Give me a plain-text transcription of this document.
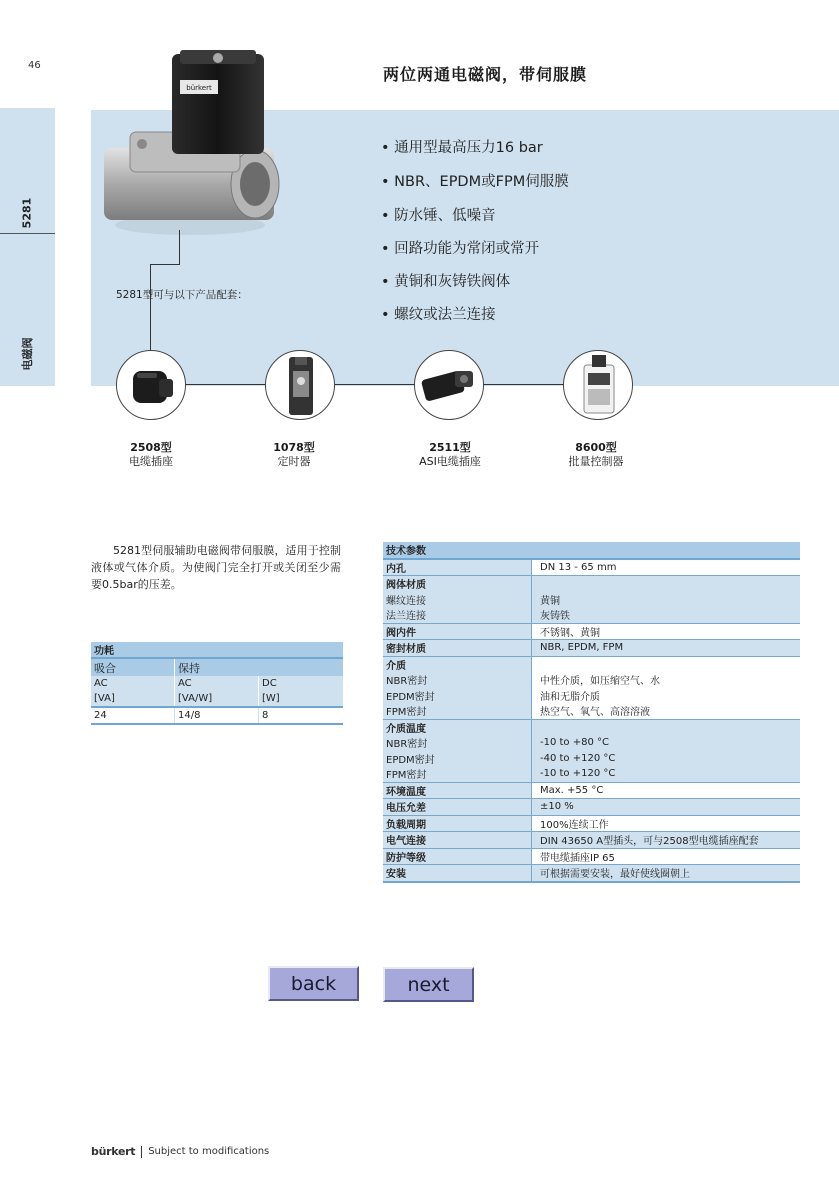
46
5281
电磁阀
bürkert
两位两通电磁阀，带伺服膜
• 通用型最高压力16 bar
• NBR、EPDM或FPM伺服膜
• 防水锤、低噪音
• 回路功能为常闭或常开
• 黄铜和灰铸铁阀体
• 螺纹或法兰连接
5281型可与以下产品配套：
2508型
电缆插座
1078型
定时器
2511型
ASI电缆插座
8600型
批量控制器
5281型伺服辅助电磁阀带伺服膜，适用于控制液体或气体介质。为使阀门完全打开或关闭至少需要0.5bar的压差。
功耗		
吸合	保持	
AC	AC	DC
[VA]	[VA/W]	[W]
24	14/8	8
技术参数	
内孔	DN 13 - 65 mm
阀体材质	
螺纹连接	黄铜
法兰连接	灰铸铁
阀内件	不锈钢、黄铜
密封材质	NBR, EPDM, FPM
介质	
NBR密封	中性介质，如压缩空气、水
EPDM密封	油和无脂介质
FPM密封	热空气、氧气、高溶溶液
介质温度	
NBR密封	-10 to +80 °C
EPDM密封	-40 to +120 °C
FPM密封	-10 to +120 °C
环境温度	Max. +55 °C
电压允差	±10 %
负载周期	100%连续工作
电气连接	DIN 43650 A型插头，可与2508型电缆插座配套
防护等级	带电缆插座IP 65
安装	可根据需要安装，最好使线圈朝上
back	next
bürkert Subject to modifications
